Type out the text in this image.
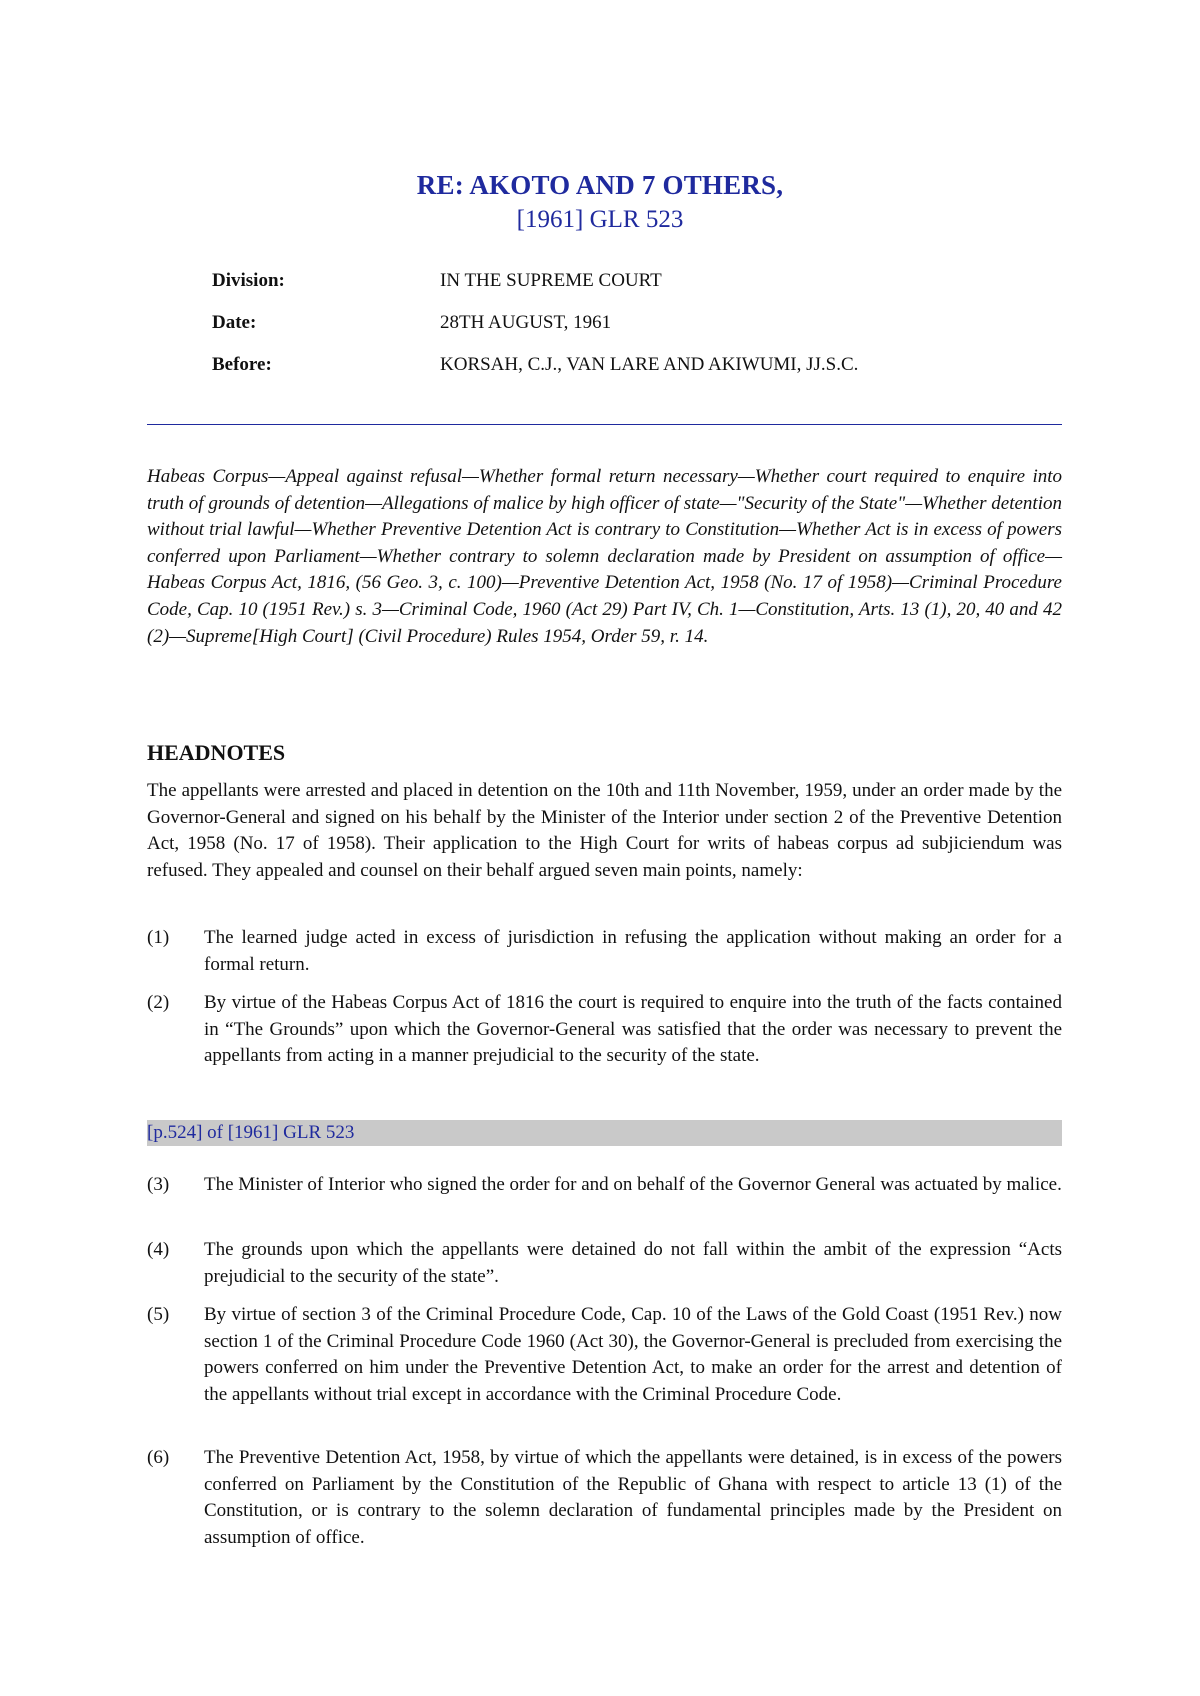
RE: AKOTO AND 7 OTHERS,
[1961] GLR 523
Division:	IN THE SUPREME COURT
Date:	28TH AUGUST, 1961
Before:	KORSAH, C.J., VAN LARE AND AKIWUMI, JJ.S.C.

Habeas Corpus—Appeal against refusal—Whether formal return necessary—Whether court required to enquire into truth of grounds of detention—Allegations of malice by high officer of state—"Security of the State"—Whether detention without trial lawful—Whether Preventive Detention Act is contrary to Constitution—Whether Act is in excess of powers conferred upon Parliament—Whether contrary to solemn declaration made by President on assumption of office—Habeas Corpus Act, 1816, (56 Geo. 3, c. 100)—Preventive Detention Act, 1958 (No. 17 of 1958)—Criminal Procedure Code, Cap. 10 (1951 Rev.) s. 3—Criminal Code, 1960 (Act 29) Part IV, Ch. 1—Constitution, Arts. 13 (1), 20, 40 and 42 (2)—Supreme[High Court] (Civil Procedure) Rules 1954, Order 59, r. 14.

HEADNOTES

The appellants were arrested and placed in detention on the 10th and 11th November, 1959, under an order made by the Governor-General and signed on his behalf by the Minister of the Interior under section 2 of the Preventive Detention Act, 1958 (No. 17 of 1958). Their application to the High Court for writs of habeas corpus ad subjiciendum was refused. They appealed and counsel on their behalf argued seven main points, namely:

(1) The learned judge acted in excess of jurisdiction in refusing the application without making an order for a formal return.
(2) By virtue of the Habeas Corpus Act of 1816 the court is required to enquire into the truth of the facts contained in “The Grounds” upon which the Governor-General was satisfied that the order was necessary to prevent the appellants from acting in a manner prejudicial to the security of the state.
[p.524] of [1961] GLR 523
(3) The Minister of Interior who signed the order for and on behalf of the Governor General was actuated by malice.
(4) The grounds upon which the appellants were detained do not fall within the ambit of the expression “Acts prejudicial to the security of the state”.
(5) By virtue of section 3 of the Criminal Procedure Code, Cap. 10 of the Laws of the Gold Coast (1951 Rev.) now section 1 of the Criminal Procedure Code 1960 (Act 30), the Governor-General is precluded from exercising the powers conferred on him under the Preventive Detention Act, to make an order for the arrest and detention of the appellants without trial except in accordance with the Criminal Procedure Code.
(6) The Preventive Detention Act, 1958, by virtue of which the appellants were detained, is in excess of the powers conferred on Parliament by the Constitution of the Republic of Ghana with respect to article 13 (1) of the Constitution, or is contrary to the solemn declaration of fundamental principles made by the President on assumption of office.
